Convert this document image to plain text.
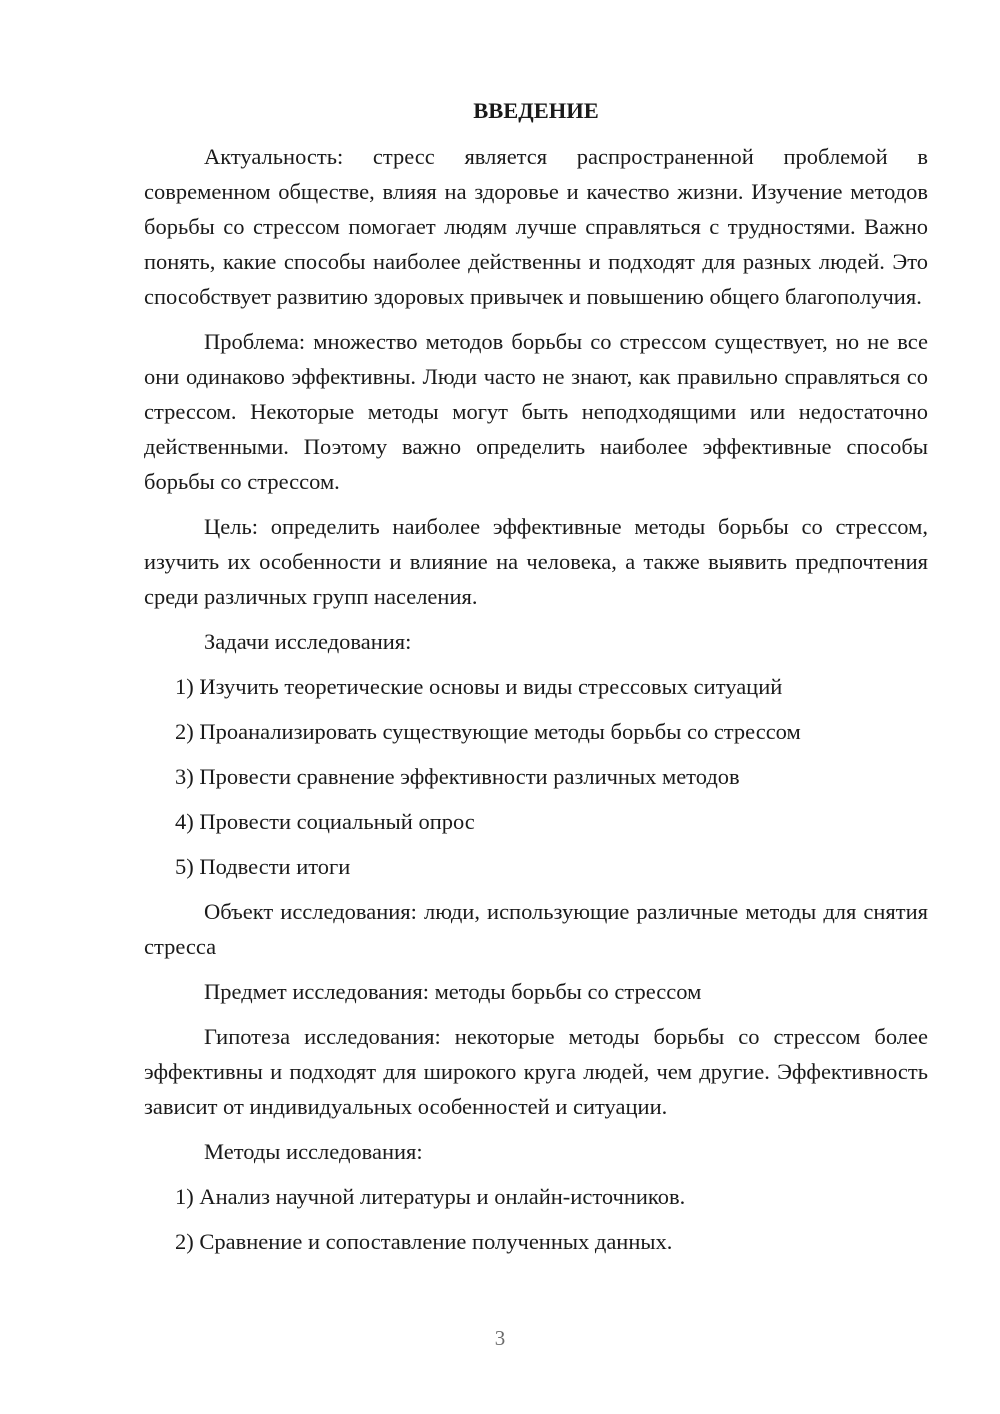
ВВЕДЕНИЕ

Актуальность: стресс является распространенной проблемой в современном обществе, влияя на здоровье и качество жизни. Изучение методов борьбы со стрессом помогает людям лучше справляться с трудностями. Важно понять, какие способы наиболее действенны и подходят для разных людей. Это способствует развитию здоровых привычек и повышению общего благополучия.

Проблема: множество методов борьбы со стрессом существует, но не все они одинаково эффективны. Люди часто не знают, как правильно справляться со стрессом. Некоторые методы могут быть неподходящими или недостаточно действенными. Поэтому важно определить наиболее эффективные способы борьбы со стрессом.

Цель: определить наиболее эффективные методы борьбы со стрессом, изучить их особенности и влияние на человека, а также выявить предпочтения среди различных групп населения.

Задачи исследования:

1) Изучить теоретические основы и виды стрессовых ситуаций
2) Проанализировать существующие методы борьбы со стрессом
3) Провести сравнение эффективности различных методов
4) Провести социальный опрос
5) Подвести итоги

Объект исследования: люди, использующие различные методы для снятия стресса

Предмет исследования: методы борьбы со стрессом

Гипотеза исследования: некоторые методы борьбы со стрессом более эффективны и подходят для широкого круга людей, чем другие. Эффективность зависит от индивидуальных особенностей и ситуации.

Методы исследования:

1) Анализ научной литературы и онлайн-источников.
2) Сравнение и сопоставление полученных данных.
3
